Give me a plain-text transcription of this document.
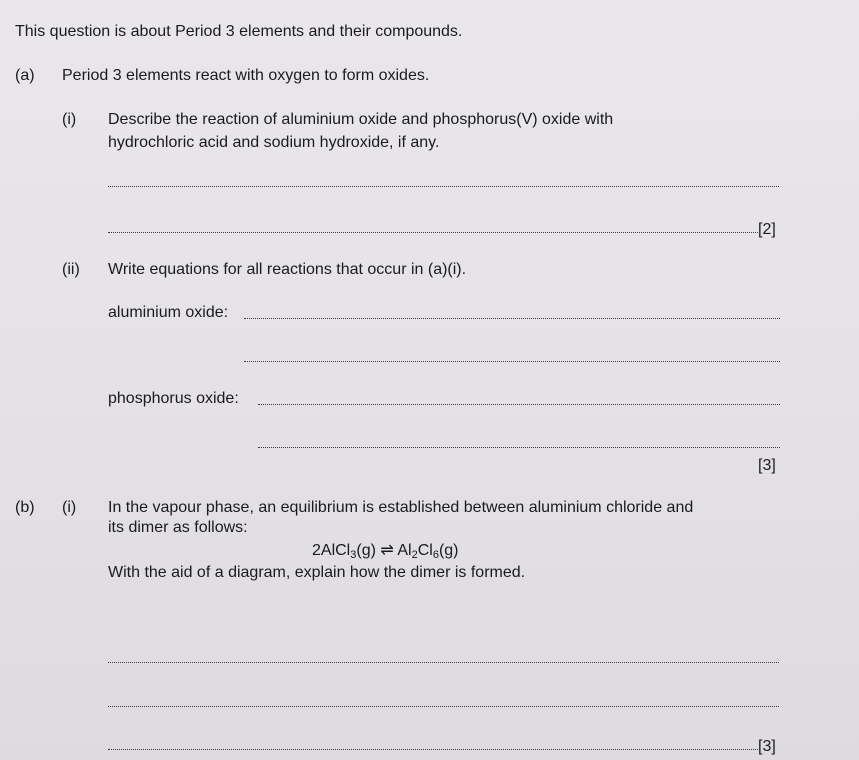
This question is about Period 3 elements and their compounds.
(a) Period 3 elements react with oxygen to form oxides.
(i) Describe the reaction of aluminium oxide and phosphorus(V) oxide with
hydrochloric acid and sodium hydroxide, if any.
[2]
(ii) Write equations for all reactions that occur in (a)(i).
aluminium oxide:
phosphorus oxide:
[3]
(b) (i) In the vapour phase, an equilibrium is established between aluminium chloride and
its dimer as follows:
2AlCl$_3$(g) ⇌ $Al_2Cl_6(g)$
With the aid of a diagram, explain how the dimer is formed.
[3]
